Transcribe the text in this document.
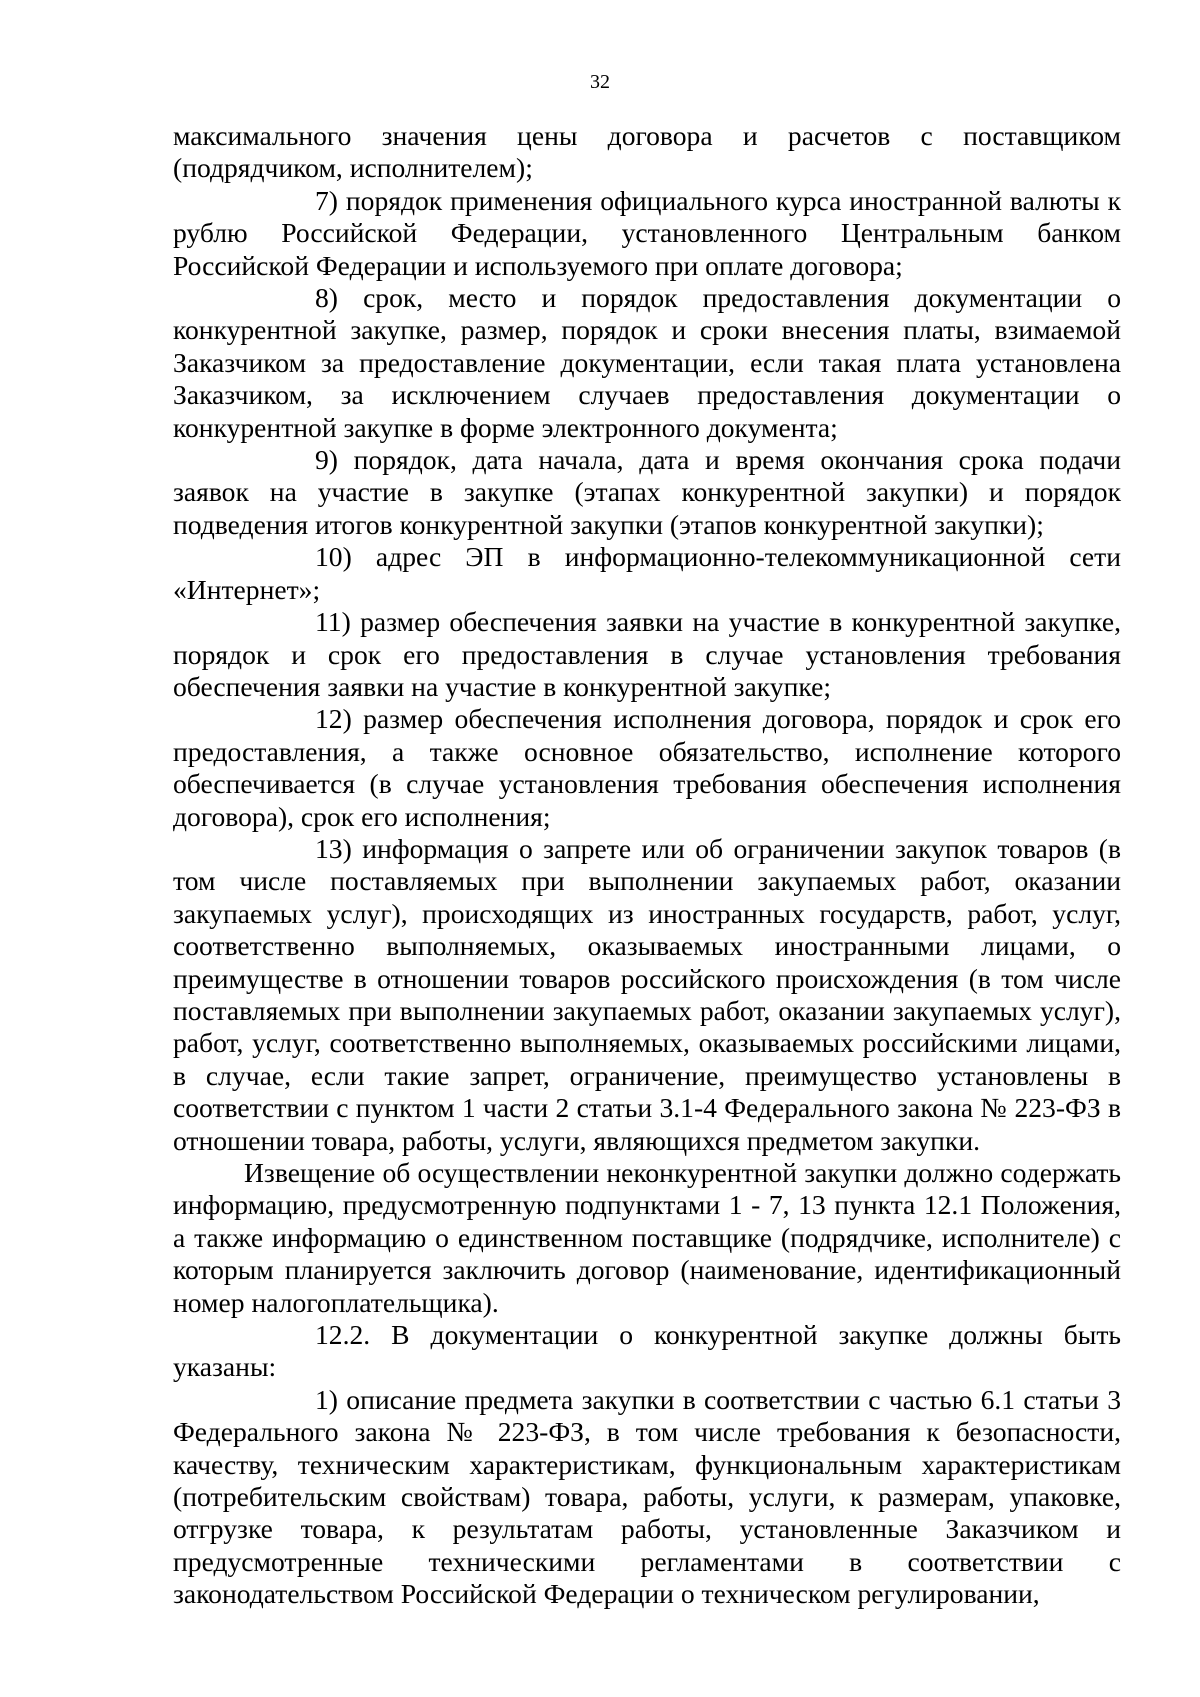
32

максимального значения цены договора и расчетов с поставщиком (подрядчиком, исполнителем);

7) порядок применения официального курса иностранной валюты к рублю Российской Федерации, установленного Центральным банком Российской Федерации и используемого при оплате договора;

8) срок, место и порядок предоставления документации о конкурентной закупке, размер, порядок и сроки внесения платы, взимаемой Заказчиком за предоставление документации, если такая плата установлена Заказчиком, за исключением случаев предоставления документации о конкурентной закупке в форме электронного документа;

9) порядок, дата начала, дата и время окончания срока подачи заявок на участие в закупке (этапах конкурентной закупки) и порядок подведения итогов конкурентной закупки (этапов конкурентной закупки);

10) адрес ЭП в информационно-телекоммуникационной сети «Интернет»;

11) размер обеспечения заявки на участие в конкурентной закупке, порядок и срок его предоставления в случае установления требования обеспечения заявки на участие в конкурентной закупке;

12) размер обеспечения исполнения договора, порядок и срок его предоставления, а также основное обязательство, исполнение которого обеспечивается (в случае установления требования обеспечения исполнения договора), срок его исполнения;

13) информация о запрете или об ограничении закупок товаров (в том числе поставляемых при выполнении закупаемых работ, оказании закупаемых услуг), происходящих из иностранных государств, работ, услуг, соответственно выполняемых, оказываемых иностранными лицами, о преимуществе в отношении товаров российского происхождения (в том числе поставляемых при выполнении закупаемых работ, оказании закупаемых услуг), работ, услуг, соответственно выполняемых, оказываемых российскими лицами, в случае, если такие запрет, ограничение, преимущество установлены в соответствии с пунктом 1 части 2 статьи 3.1-4 Федерального закона № 223-ФЗ в отношении товара, работы, услуги, являющихся предметом закупки.

Извещение об осуществлении неконкурентной закупки должно содержать информацию, предусмотренную подпунктами 1 - 7, 13 пункта 12.1 Положения, а также информацию о единственном поставщике (подрядчике, исполнителе) с которым планируется заключить договор (наименование, идентификационный номер налогоплательщика).

12.2. В документации о конкурентной закупке должны быть указаны:

1) описание предмета закупки в соответствии с частью 6.1 статьи 3 Федерального закона № 223-ФЗ, в том числе требования к безопасности, качеству, техническим характеристикам, функциональным характеристикам (потребительским свойствам) товара, работы, услуги, к размерам, упаковке, отгрузке товара, к результатам работы, установленные Заказчиком и предусмотренные техническими регламентами в соответствии с законодательством Российской Федерации о техническом регулировании,
